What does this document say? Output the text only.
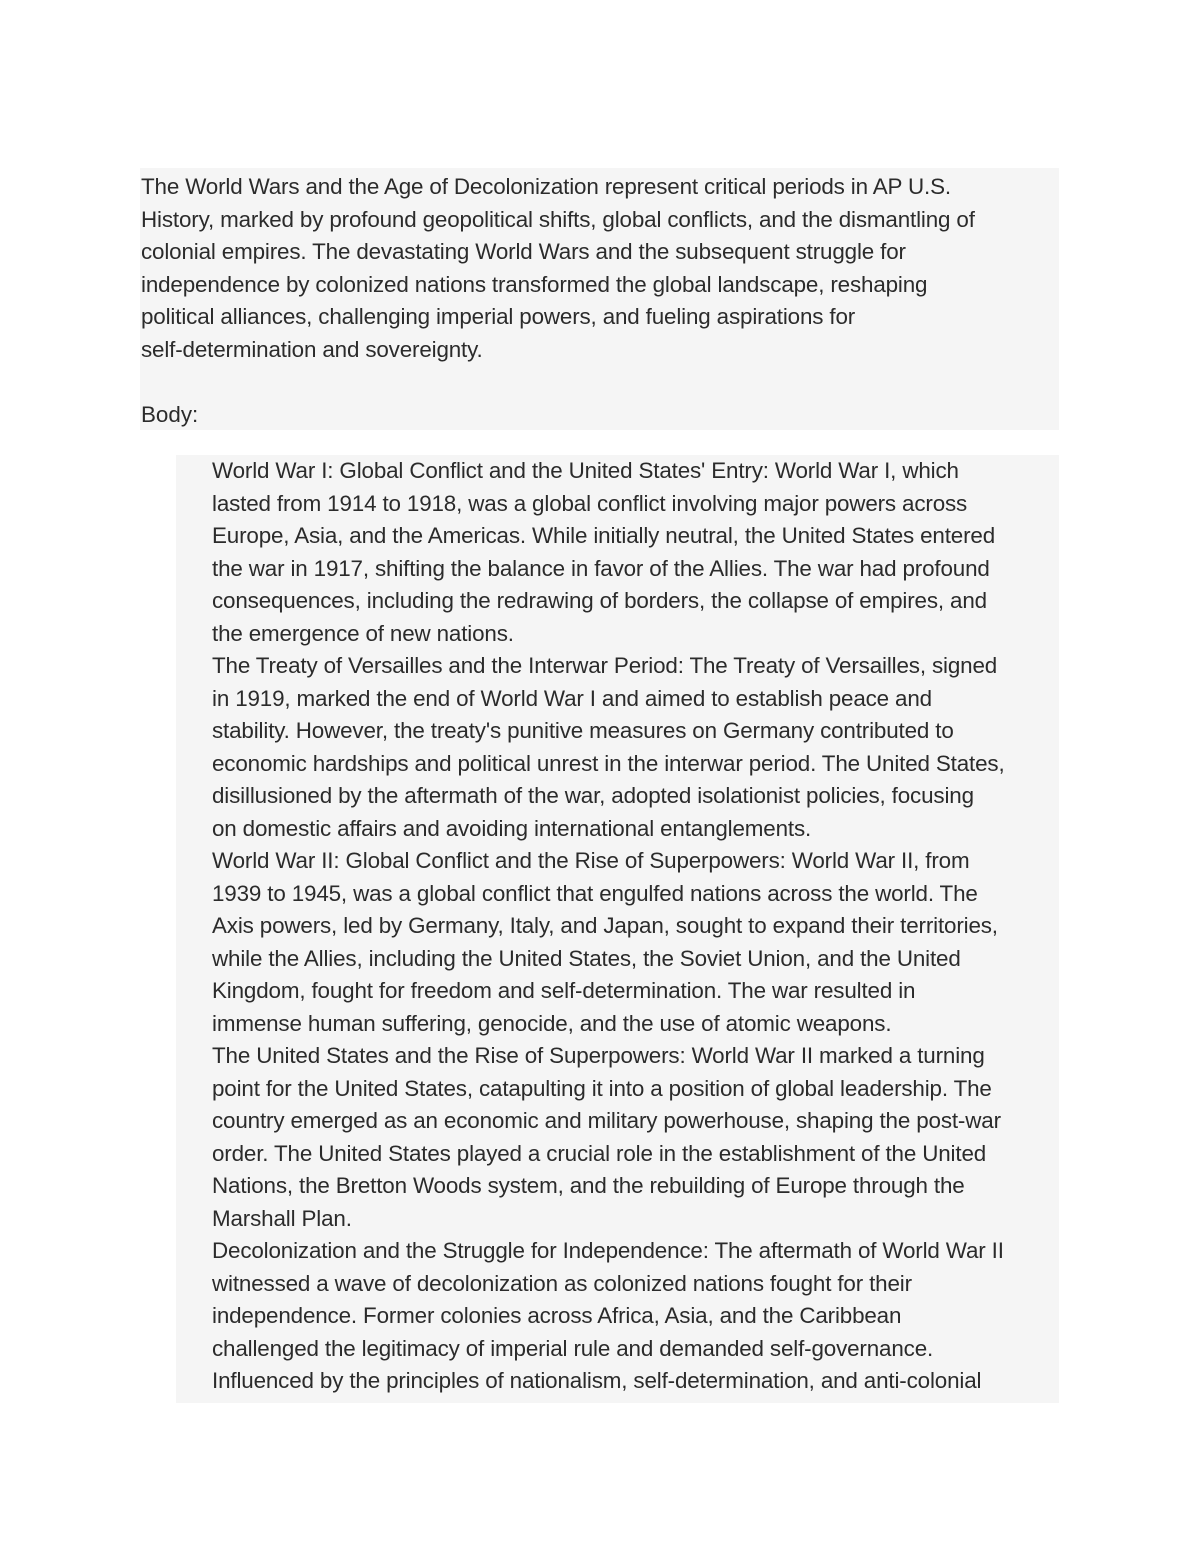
The World Wars and the Age of Decolonization represent critical periods in AP U.S.
History, marked by profound geopolitical shifts, global conflicts, and the dismantling of
colonial empires. The devastating World Wars and the subsequent struggle for
independence by colonized nations transformed the global landscape, reshaping
political alliances, challenging imperial powers, and fueling aspirations for
self-determination and sovereignty.
Body:
World War I: Global Conflict and the United States' Entry: World War I, which
lasted from 1914 to 1918, was a global conflict involving major powers across
Europe, Asia, and the Americas. While initially neutral, the United States entered
the war in 1917, shifting the balance in favor of the Allies. The war had profound
consequences, including the redrawing of borders, the collapse of empires, and
the emergence of new nations.
The Treaty of Versailles and the Interwar Period: The Treaty of Versailles, signed
in 1919, marked the end of World War I and aimed to establish peace and
stability. However, the treaty's punitive measures on Germany contributed to
economic hardships and political unrest in the interwar period. The United States,
disillusioned by the aftermath of the war, adopted isolationist policies, focusing
on domestic affairs and avoiding international entanglements.
World War II: Global Conflict and the Rise of Superpowers: World War II, from
1939 to 1945, was a global conflict that engulfed nations across the world. The
Axis powers, led by Germany, Italy, and Japan, sought to expand their territories,
while the Allies, including the United States, the Soviet Union, and the United
Kingdom, fought for freedom and self-determination. The war resulted in
immense human suffering, genocide, and the use of atomic weapons.
The United States and the Rise of Superpowers: World War II marked a turning
point for the United States, catapulting it into a position of global leadership. The
country emerged as an economic and military powerhouse, shaping the post-war
order. The United States played a crucial role in the establishment of the United
Nations, the Bretton Woods system, and the rebuilding of Europe through the
Marshall Plan.
Decolonization and the Struggle for Independence: The aftermath of World War II
witnessed a wave of decolonization as colonized nations fought for their
independence. Former colonies across Africa, Asia, and the Caribbean
challenged the legitimacy of imperial rule and demanded self-governance.
Influenced by the principles of nationalism, self-determination, and anti-colonial
